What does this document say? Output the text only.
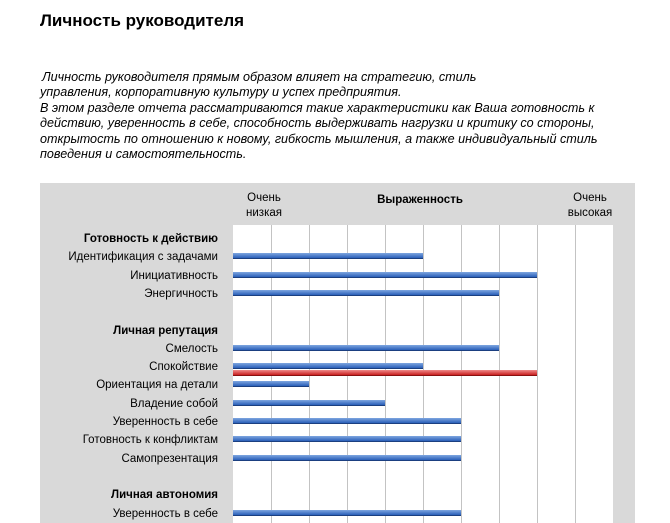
Личность руководителя

Личность руководителя прямым образом влияет на стратегию, стиль

управления, корпоративную культуру и успех предприятия.

В этом разделе отчета рассматриваются такие характеристики как Ваша готовность к

действию, уверенность в себе, способность выдерживать нагрузки и критику со стороны,

открытость по отношению к новому, гибкость мышления, а также индивидуальный стиль

поведения и самостоятельность.

Очень
низкая
Выраженность	Очень
высокая
Готовность к действию
Идентификация с задачами
Инициативность
Энергичность
Личная репутация
Смелость
Спокойствие
Ориентация на детали
Владение собой
Уверенность в себе
Готовность к конфликтам
Самопрезентация
Личная автономия
Уверенность в себе
